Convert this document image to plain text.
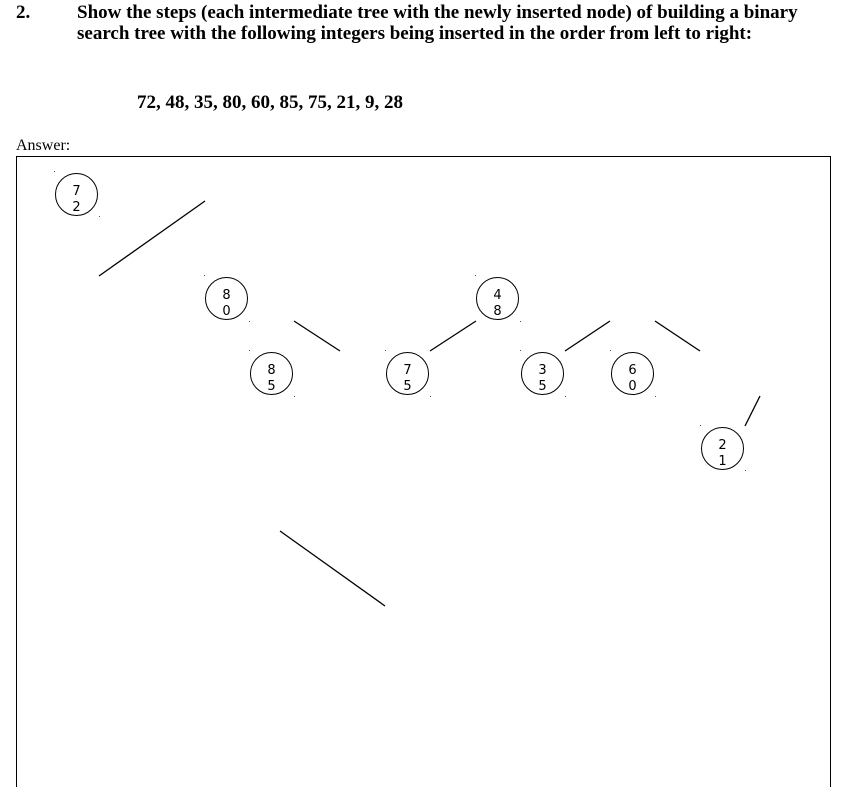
2. Show the steps (each intermediate tree with the newly inserted node) of building a binary search tree with the following integers being inserted in the order from left to right:
72, 48, 35, 80, 60, 85, 75, 21, 9, 28
Answer:
72
80
48
85
75
35
60
21
